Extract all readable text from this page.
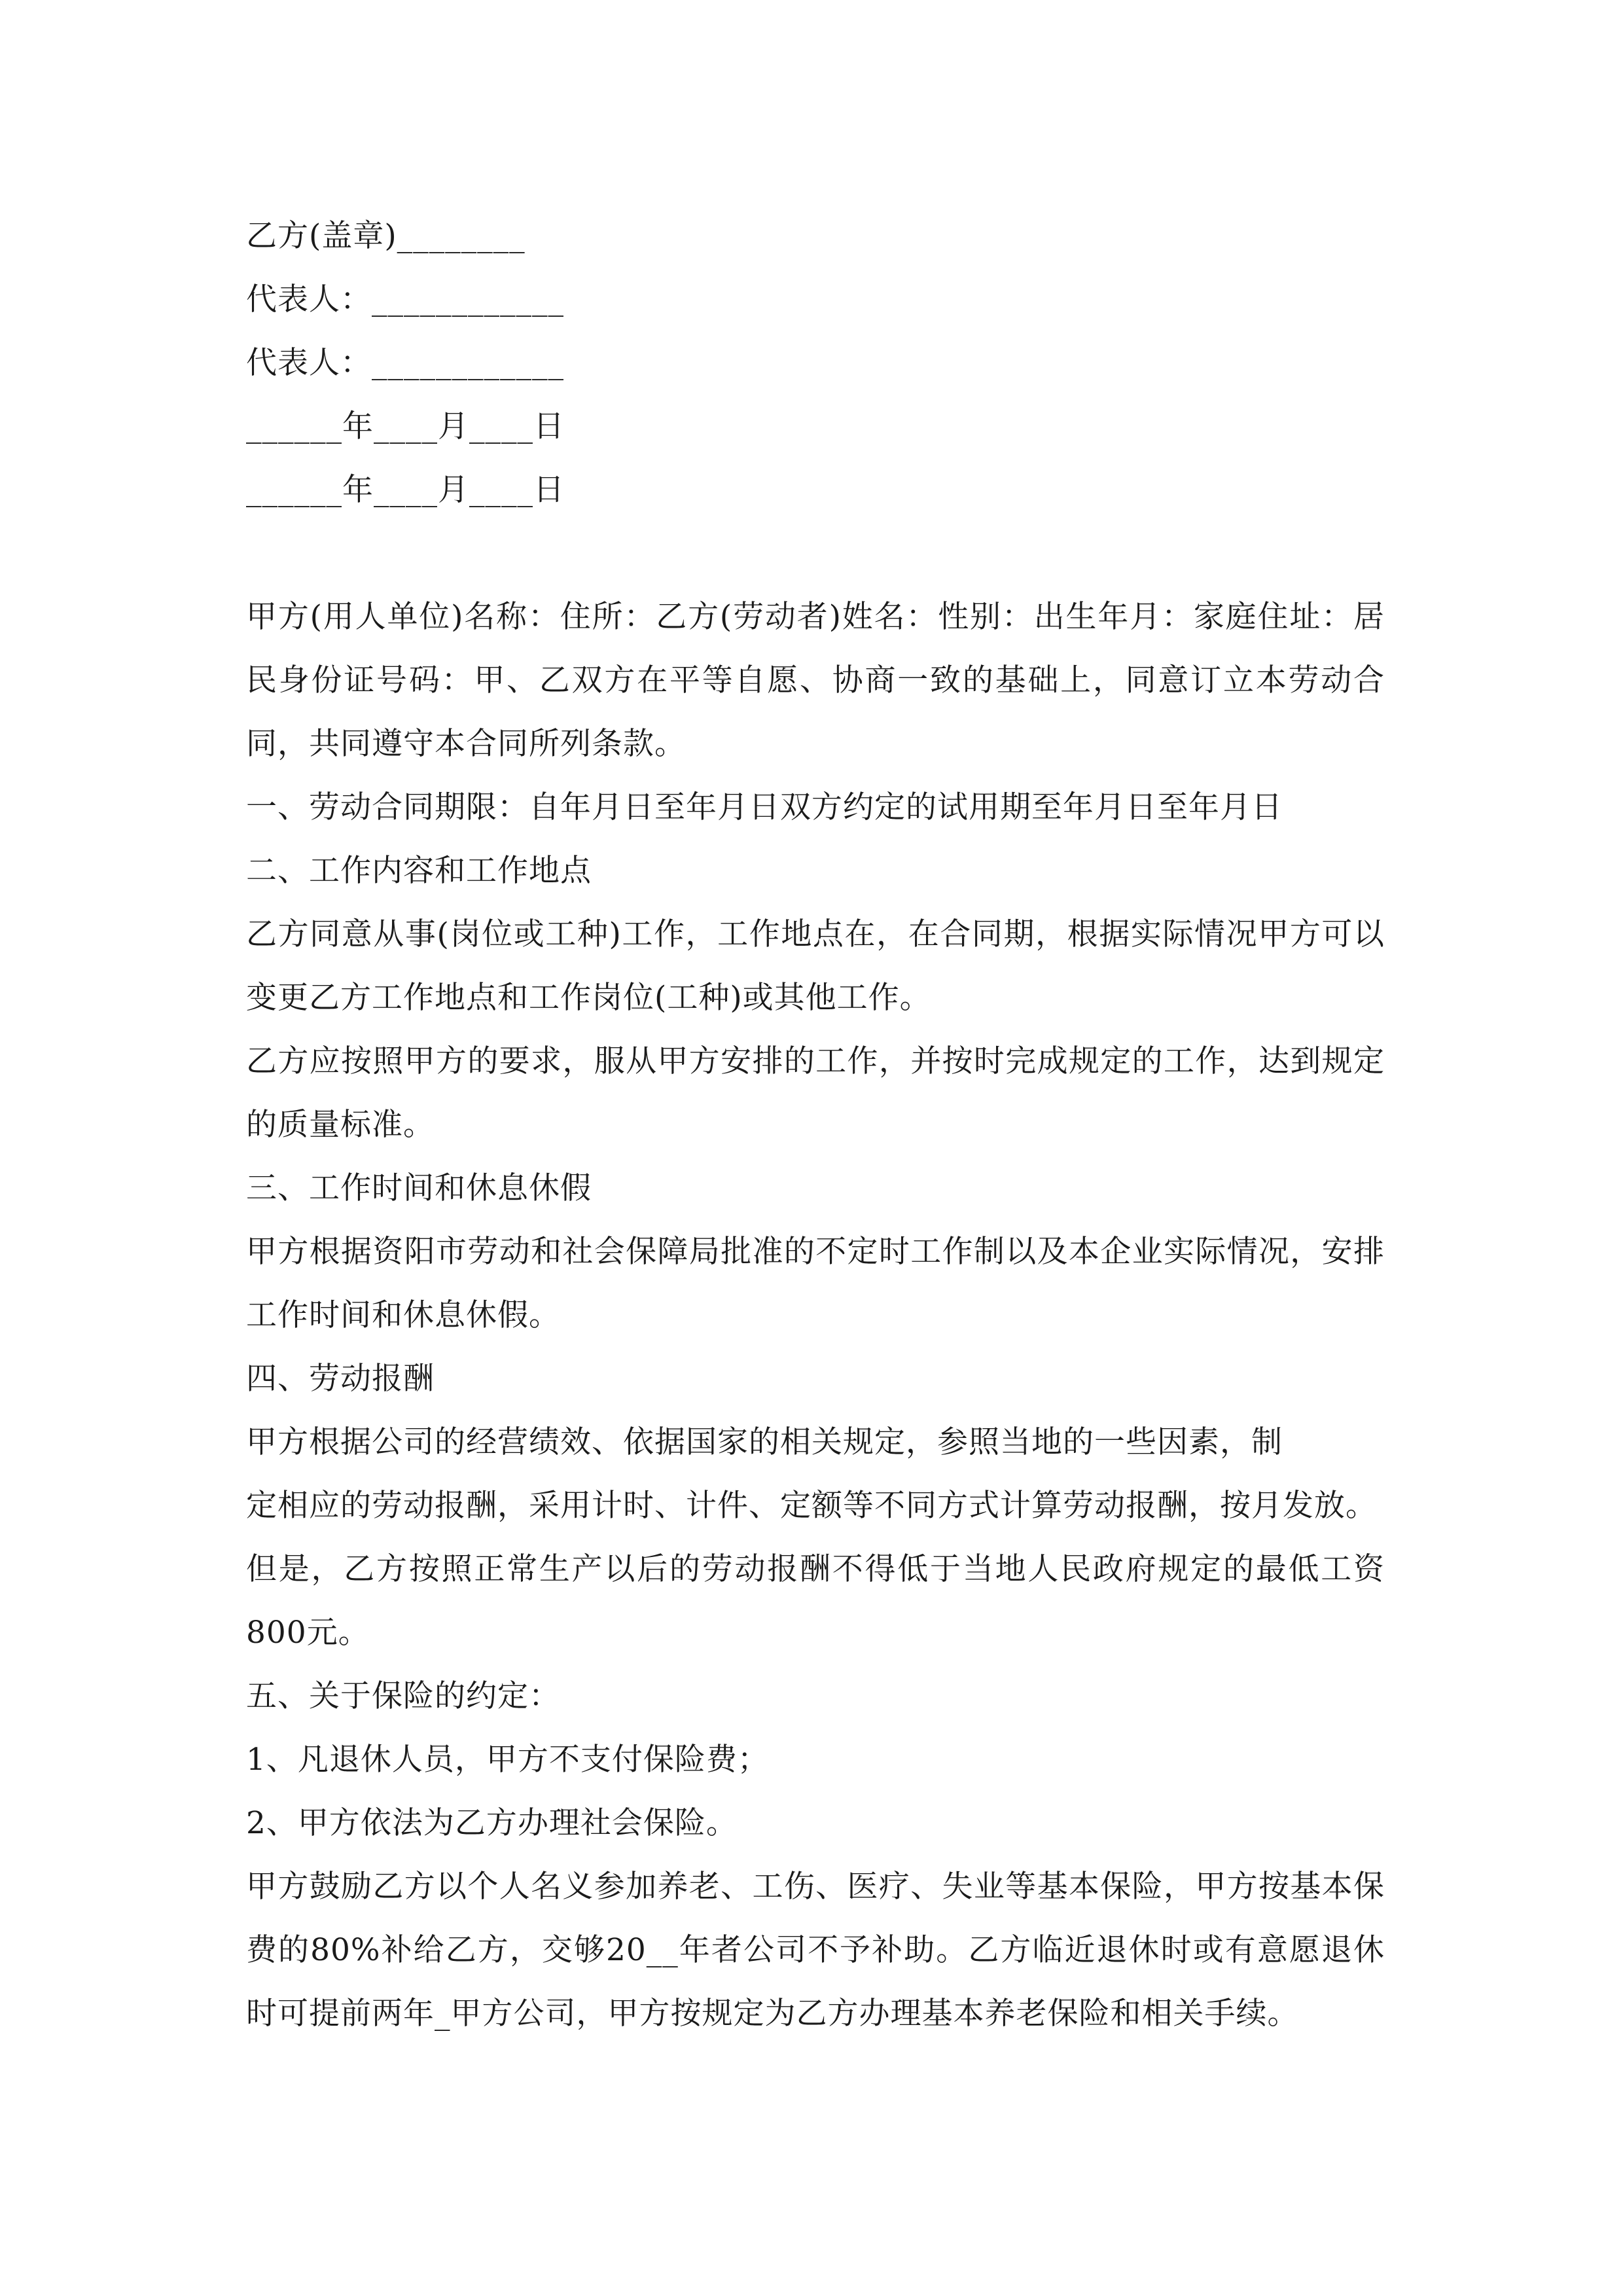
乙方(盖章)________
代表人：____________
代表人：____________
______年____月____日
______年____月____日
甲方(用人单位)名称：住所：乙方(劳动者)姓名：性别：出生年月：家庭住址：居民身份证号码：甲、乙双方在平等自愿、协商一致的基础上，同意订立本劳动合同，共同遵守本合同所列条款。
一、劳动合同期限：自年月日至年月日双方约定的试用期至年月日至年月日
二、工作内容和工作地点
乙方同意从事(岗位或工种)工作，工作地点在，在合同期，根据实际情况甲方可以变更乙方工作地点和工作岗位(工种)或其他工作。
乙方应按照甲方的要求，服从甲方安排的工作，并按时完成规定的工作，达到规定的质量标准。
三、工作时间和休息休假
甲方根据资阳市劳动和社会保障局批准的不定时工作制以及本企业实际情况，安排工作时间和休息休假。
四、劳动报酬
甲方根据公司的经营绩效、依据国家的相关规定，参照当地的一些因素，制
定相应的劳动报酬，采用计时、计件、定额等不同方式计算劳动报酬，按月发放。
但是，乙方按照正常生产以后的劳动报酬不得低于当地人民政府规定的最低工资800元。
五、关于保险的约定：
1、凡退休人员，甲方不支付保险费；
2、甲方依法为乙方办理社会保险。
甲方鼓励乙方以个人名义参加养老、工伤、医疗、失业等基本保险，甲方按基本保费的80%补给乙方，交够20__年者公司不予补助。乙方临近退休时或有意愿退休时可提前两年_甲方公司，甲方按规定为乙方办理基本养老保险和相关手续。
